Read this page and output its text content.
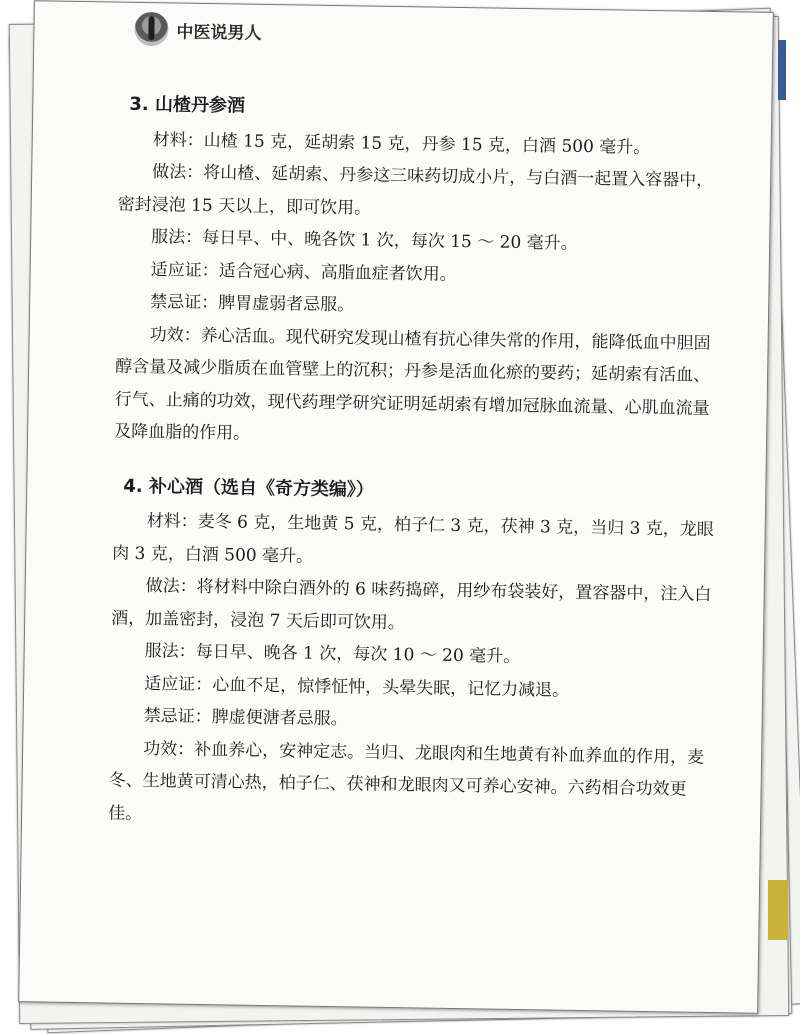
中医说男人

3. 山楂丹参酒

材料：山楂 15 克，延胡索 15 克，丹参 15 克，白酒 500 毫升。

做法：将山楂、延胡索、丹参这三味药切成小片，与白酒一起置入容器中，密封浸泡 15 天以上，即可饮用。

服法：每日早、中、晚各饮 1 次，每次 15 ～ 20 毫升。

适应证：适合冠心病、高脂血症者饮用。

禁忌证：脾胃虚弱者忌服。

功效：养心活血。现代研究发现山楂有抗心律失常的作用，能降低血中胆固醇含量及减少脂质在血管壁上的沉积；丹参是活血化瘀的要药；延胡索有活血、行气、止痛的功效，现代药理学研究证明延胡索有增加冠脉血流量、心肌血流量及降血脂的作用。

4. 补心酒（选自《奇方类编》）

材料：麦冬 6 克，生地黄 5 克，柏子仁 3 克，茯神 3 克，当归 3 克，龙眼肉 3 克，白酒 500 毫升。

做法：将材料中除白酒外的 6 味药捣碎，用纱布袋装好，置容器中，注入白酒，加盖密封，浸泡 7 天后即可饮用。

服法：每日早、晚各 1 次，每次 10 ～ 20 毫升。

适应证：心血不足，惊悸怔忡，头晕失眠，记忆力减退。

禁忌证：脾虚便溏者忌服。

功效：补血养心，安神定志。当归、龙眼肉和生地黄有补血养血的作用，麦冬、生地黄可清心热，柏子仁、茯神和龙眼肉又可养心安神。六药相合功效更佳。
